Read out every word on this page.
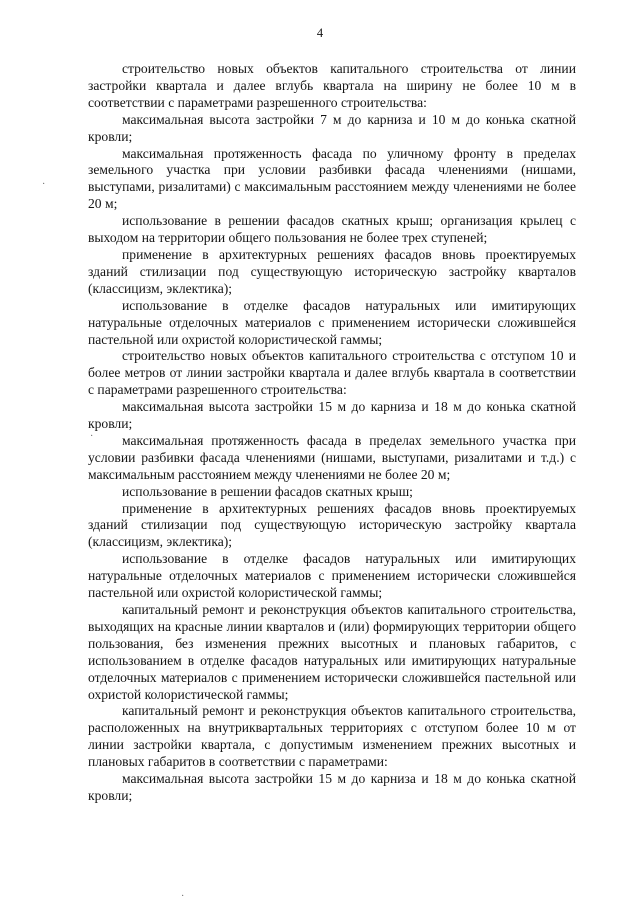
4

строительство новых объектов капитального строительства от линии застройки квартала и далее вглубь квартала на ширину не более 10 м в соответствии с параметрами разрешенного строительства:

максимальная высота застройки 7 м до карниза и 10 м до конька скатной кровли;

максимальная протяженность фасада по уличному фронту в пределах земельного участка при условии разбивки фасада членениями (нишами, выступами, ризалитами) с максимальным расстоянием между членениями не более 20 м;

использование в решении фасадов скатных крыш; организация крылец с выходом на территории общего пользования не более трех ступеней;

применение в архитектурных решениях фасадов вновь проектируемых зданий стилизации под существующую историческую застройку кварталов (классицизм, эклектика);

использование в отделке фасадов натуральных или имитирующих натуральные отделочных материалов с применением исторически сложившейся пастельной или охристой колористической гаммы;

строительство новых объектов капитального строительства с отступом 10 и более метров от линии застройки квартала и далее вглубь квартала в соответствии с параметрами разрешенного строительства:

максимальная высота застройки 15 м до карниза и 18 м до конька скатной кровли;

максимальная протяженность фасада в пределах земельного участка при условии разбивки фасада членениями (нишами, выступами, ризалитами и т.д.) с максимальным расстоянием между членениями не более 20 м;

использование в решении фасадов скатных крыш;

применение в архитектурных решениях фасадов вновь проектируемых зданий стилизации под существующую историческую застройку квартала (классицизм, эклектика);

использование в отделке фасадов натуральных или имитирующих натуральные отделочных материалов с применением исторически сложившейся пастельной или охристой колористической гаммы;

капитальный ремонт и реконструкция объектов капитального строительства, выходящих на красные линии кварталов и (или) формирующих территории общего пользования, без изменения прежних высотных и плановых габаритов, с использованием в отделке фасадов натуральных или имитирующих натуральные отделочных материалов с применением исторически сложившейся пастельной или охристой колористической гаммы;

капитальный ремонт и реконструкция объектов капитального строительства, расположенных на внутриквартальных территориях с отступом более 10 м от линии застройки квартала, с допустимым изменением прежних высотных и плановых габаритов в соответствии с параметрами:

максимальная высота застройки 15 м до карниза и 18 м до конька скатной кровли;

·
·
·
